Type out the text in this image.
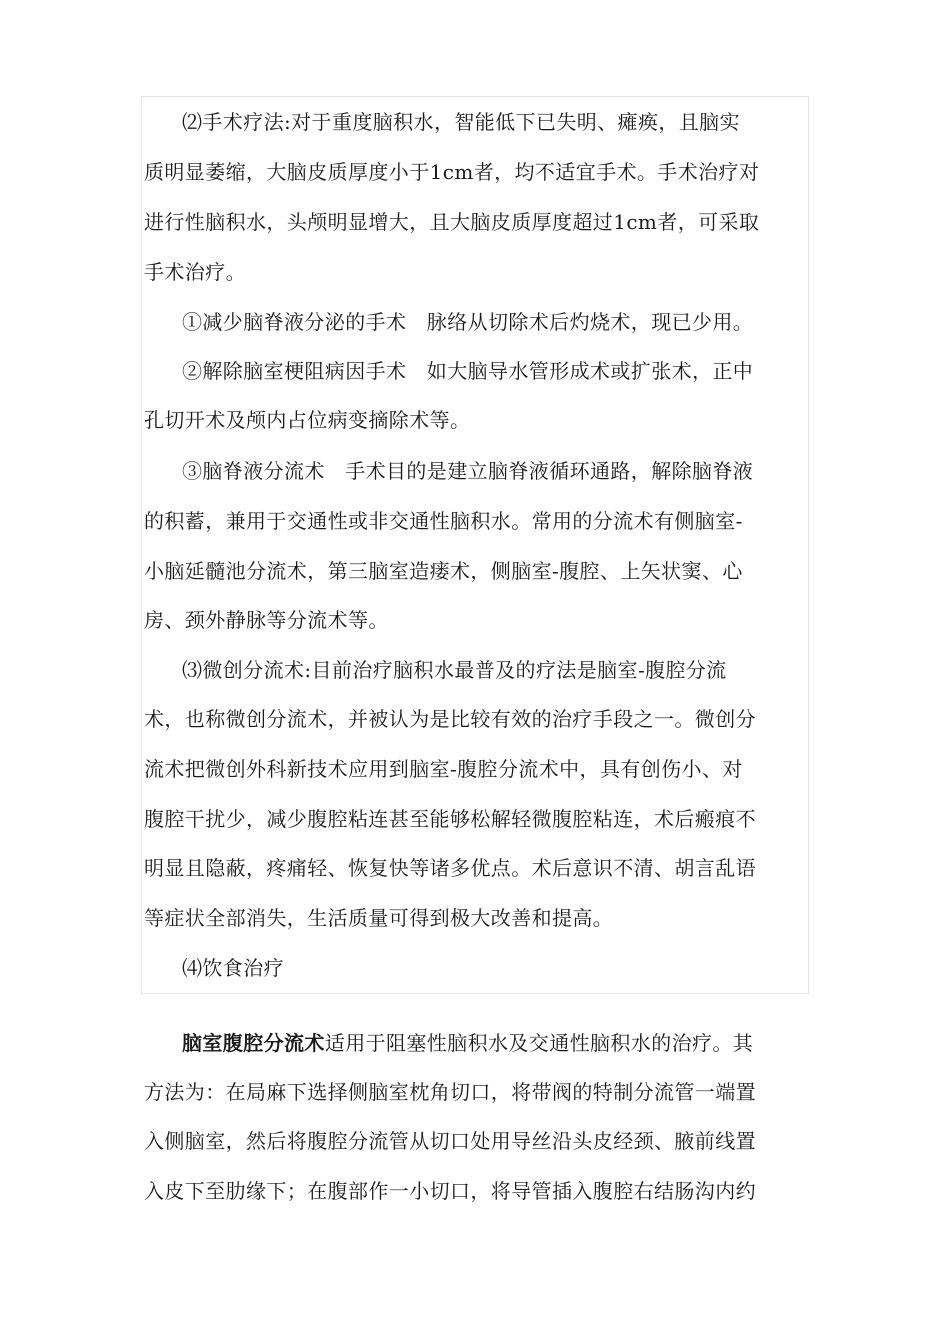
⑵手术疗法:对于重度脑积水，智能低下已失明、瘫痪，且脑实
质明显萎缩，大脑皮质厚度小于1cm者，均不适宜手术。手术治疗对
进行性脑积水，头颅明显增大，且大脑皮质厚度超过1cm者，可采取
手术治疗。
①减少脑脊液分泌的手术　脉络从切除术后灼烧术，现已少用。
②解除脑室梗阻病因手术　如大脑导水管形成术或扩张术，正中
孔切开术及颅内占位病变摘除术等。
③脑脊液分流术　手术目的是建立脑脊液循环通路，解除脑脊液
的积蓄，兼用于交通性或非交通性脑积水。常用的分流术有侧脑室-
小脑延髓池分流术，第三脑室造瘘术，侧脑室-腹腔、上矢状窦、心
房、颈外静脉等分流术等。
⑶微创分流术:目前治疗脑积水最普及的疗法是脑室-腹腔分流
术，也称微创分流术，并被认为是比较有效的治疗手段之一。微创分
流术把微创外科新技术应用到脑室-腹腔分流术中，具有创伤小、对
腹腔干扰少，减少腹腔粘连甚至能够松解轻微腹腔粘连，术后瘢痕不
明显且隐蔽，疼痛轻、恢复快等诸多优点。术后意识不清、胡言乱语
等症状全部消失，生活质量可得到极大改善和提高。
⑷饮食治疗
脑室腹腔分流术适用于阻塞性脑积水及交通性脑积水的治疗。其
方法为：在局麻下选择侧脑室枕角切口，将带阀的特制分流管一端置
入侧脑室，然后将腹腔分流管从切口处用导丝沿头皮经颈、腋前线置
入皮下至肋缘下；在腹部作一小切口，将导管插入腹腔右结肠沟内约
